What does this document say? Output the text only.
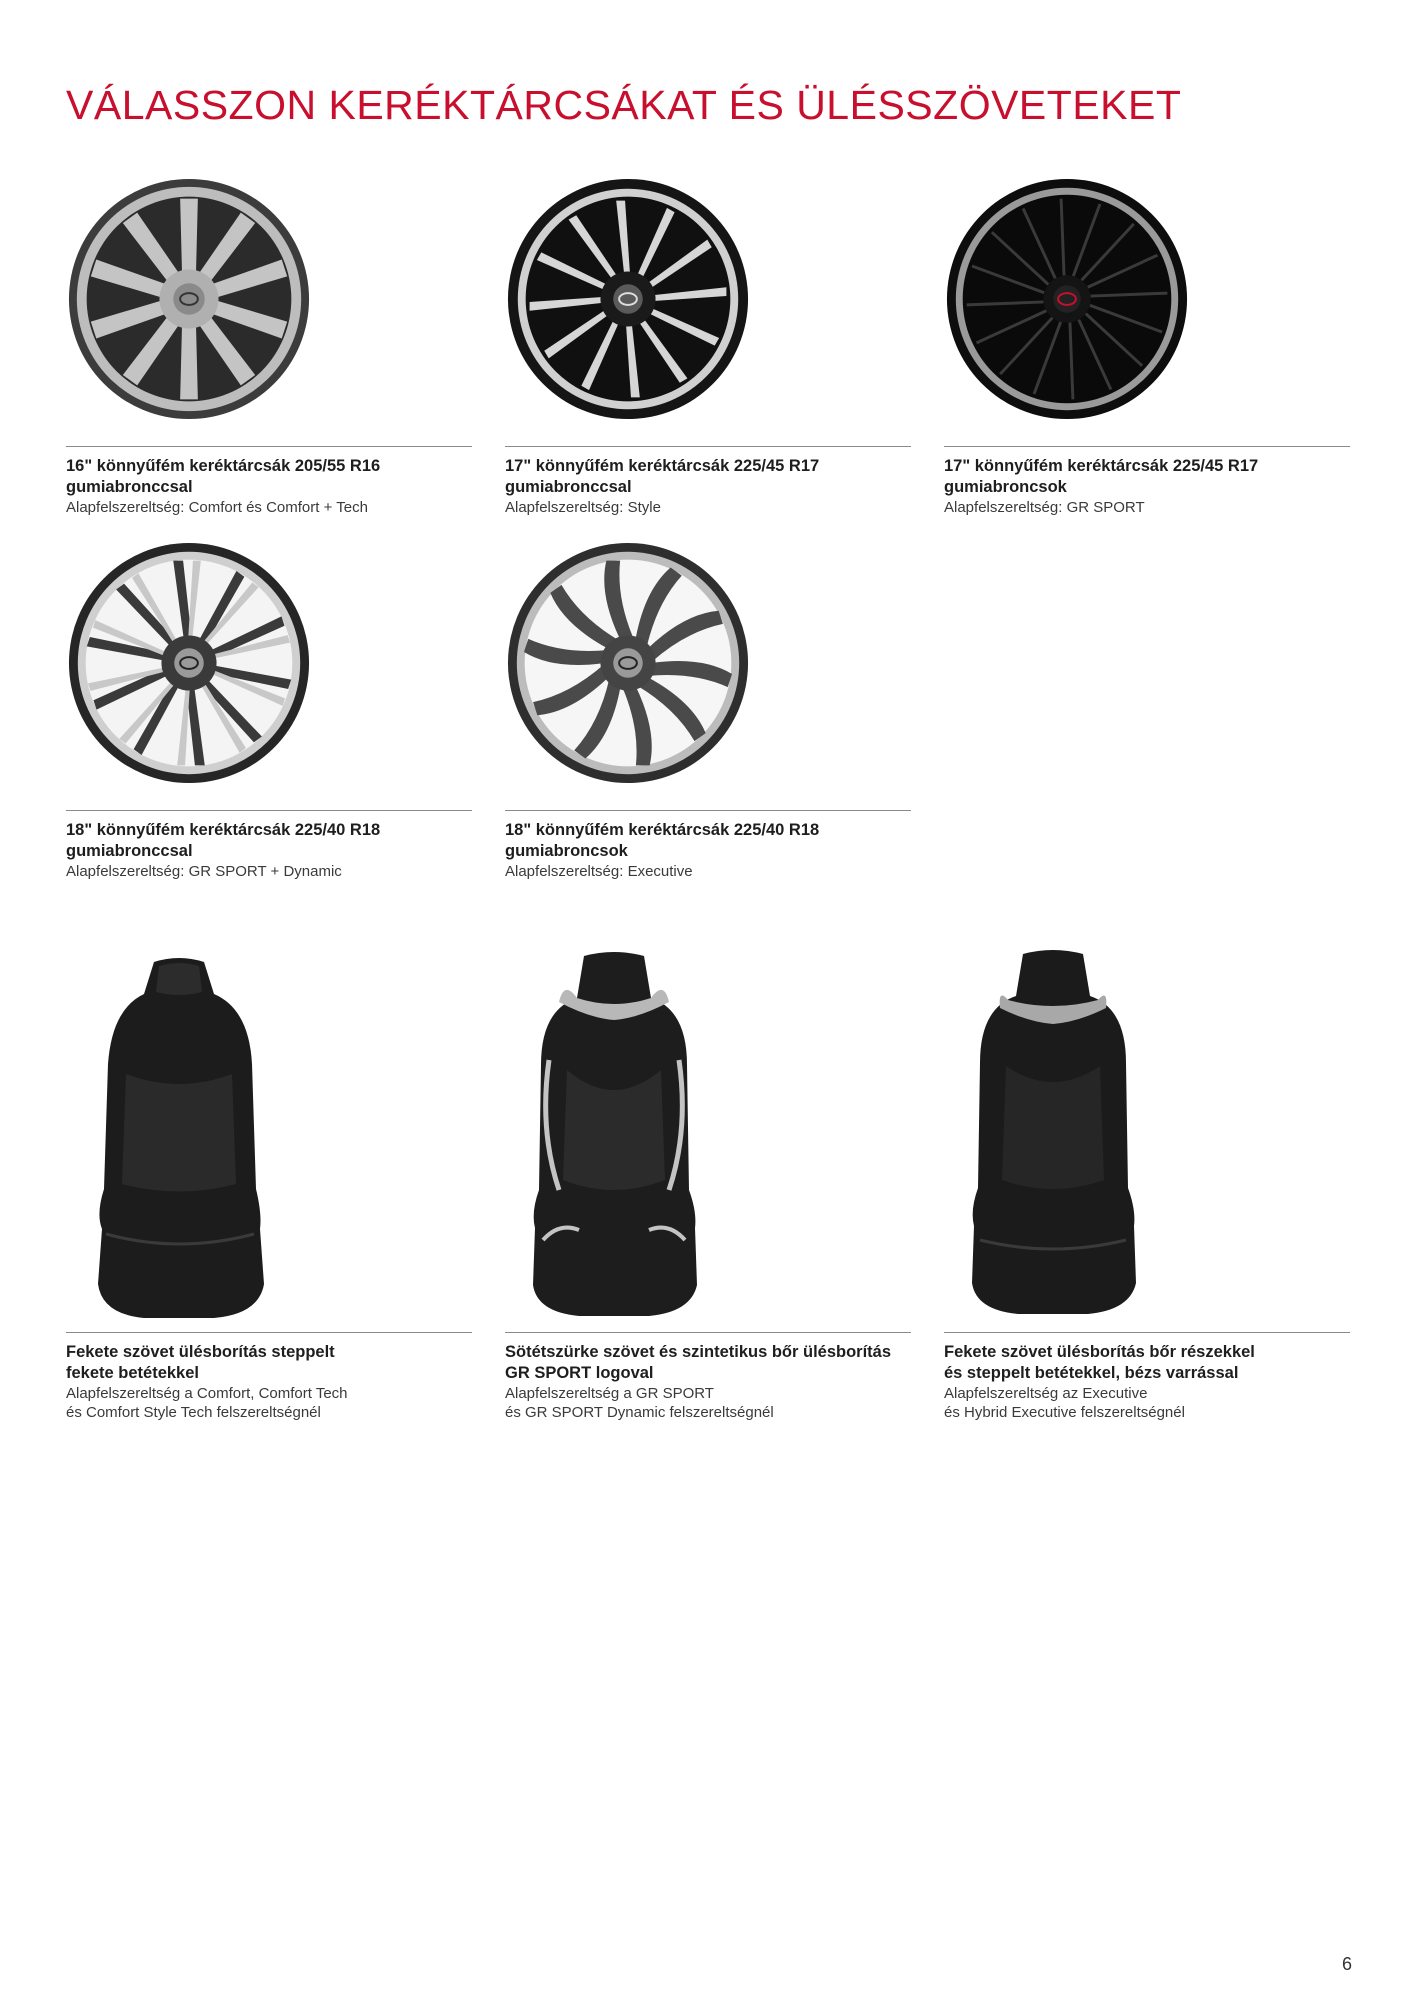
VÁLASSZON KERÉKTÁRCSÁKAT ÉS ÜLÉSSZÖVETEKET

16" könnyűfém keréktárcsák 205/55 R16
gumiabronccsal

Alapfelszereltség: Comfort és Comfort + Tech

17" könnyűfém keréktárcsák 225/45 R17
gumiabronccsal

Alapfelszereltség: Style

17" könnyűfém keréktárcsák 225/45 R17
gumiabroncsok

Alapfelszereltség: GR SPORT

18" könnyűfém keréktárcsák 225/40 R18
gumiabronccsal

Alapfelszereltség: GR SPORT + Dynamic

18" könnyűfém keréktárcsák 225/40 R18
gumiabroncsok

Alapfelszereltség: Executive

Fekete szövet ülésborítás steppelt
fekete betétekkel

Alapfelszereltség a Comfort, Comfort Tech
és Comfort Style Tech felszereltségnél

Sötétszürke szövet és szintetikus bőr ülésborítás
GR SPORT logoval

Alapfelszereltség a GR SPORT
és GR SPORT Dynamic felszereltségnél

Fekete szövet ülésborítás bőr részekkel
és steppelt betétekkel, bézs varrással

Alapfelszereltség az Executive
és Hybrid Executive felszereltségnél

6
